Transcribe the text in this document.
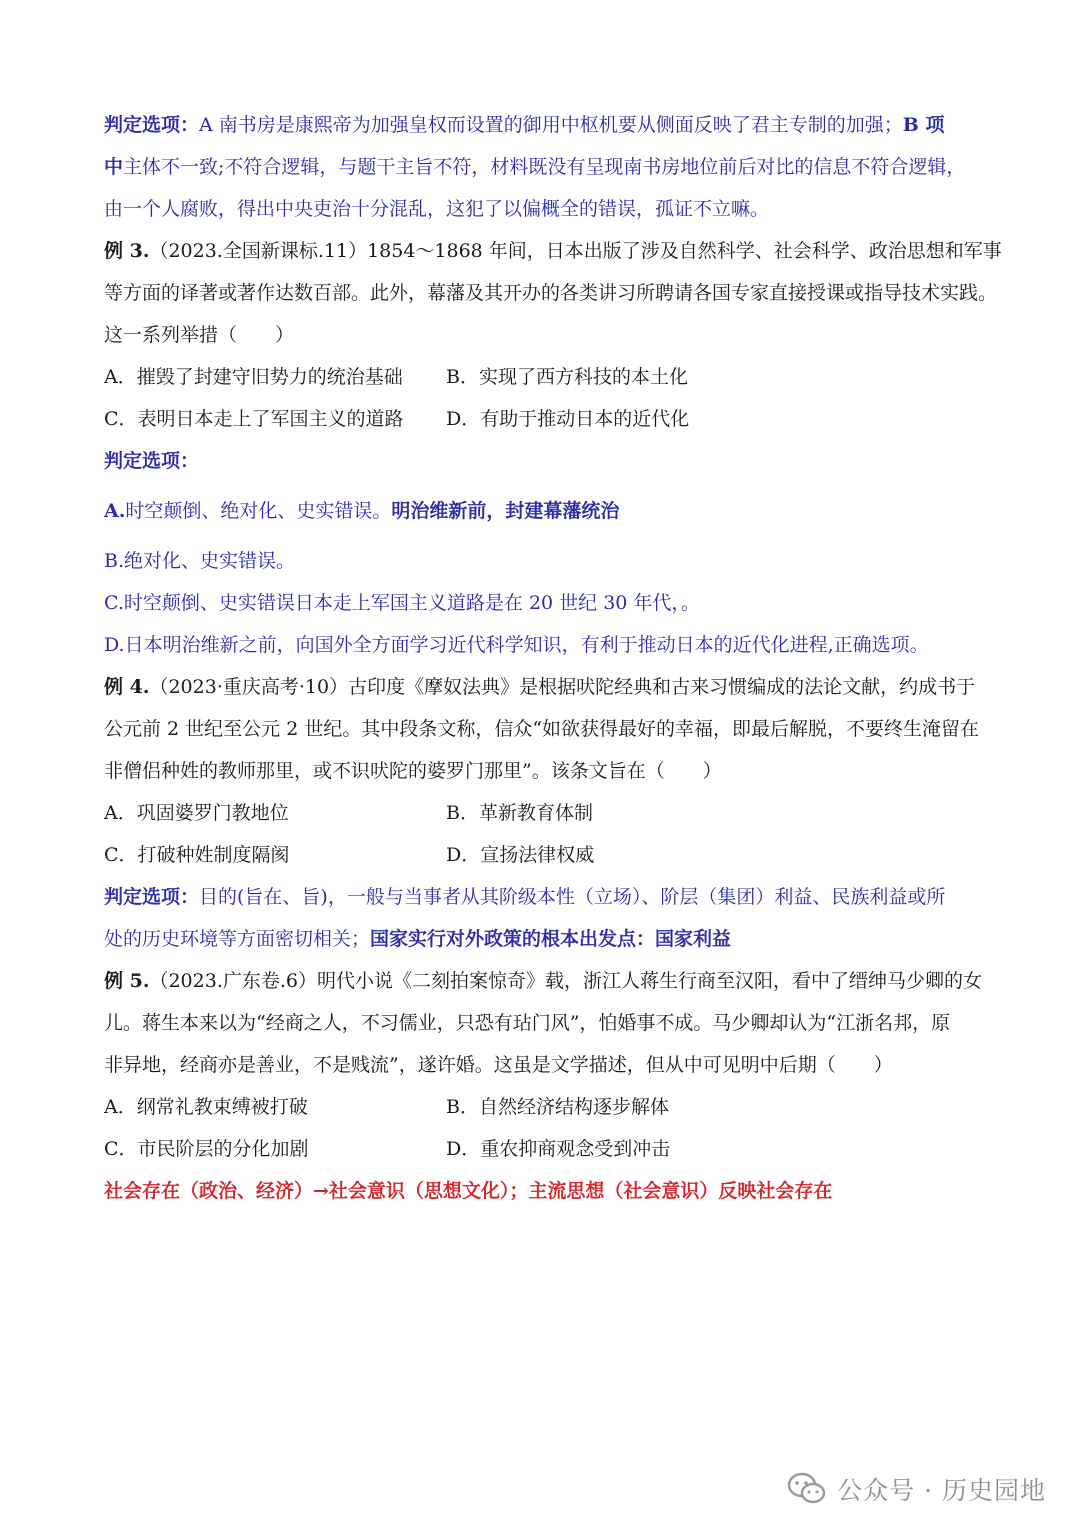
判定选项：A 南书房是康熙帝为加强皇权而设置的御用中枢机要从侧面反映了君主专制的加强；B 项
中主体不一致;不符合逻辑，与题干主旨不符，材料既没有呈现南书房地位前后对比的信息不符合逻辑，
由一个人腐败，得出中央吏治十分混乱，这犯了以偏概全的错误，孤证不立嘛。
例 3.（2023.全国新课标.11）1854～1868 年间，日本出版了涉及自然科学、社会科学、政治思想和军事
等方面的译著或著作达数百部。此外，幕藩及其开办的各类讲习所聘请各国专家直接授课或指导技术实践。
这一系列举措（　　）
A．摧毁了封建守旧势力的统治基础	B．实现了西方科技的本土化
C．表明日本走上了军国主义的道路	D．有助于推动日本的近代化
判定选项：
A.时空颠倒、绝对化、史实错误。明治维新前，封建幕藩统治
B.绝对化、史实错误。
C.时空颠倒、史实错误日本走上军国主义道路是在 20 世纪 30 年代，。
D.日本明治维新之前，向国外全方面学习近代科学知识，有利于推动日本的近代化进程,正确选项。
例 4.（2023·重庆高考·10）古印度《摩奴法典》是根据吠陀经典和古来习惯编成的法论文献，约成书于
公元前 2 世纪至公元 2 世纪。其中段条文称，信众“如欲获得最好的幸福，即最后解脱，不要终生淹留在
非僧侣种姓的教师那里，或不识吠陀的婆罗门那里”。该条文旨在（　　）
A．巩固婆罗门教地位	B．革新教育体制
C．打破种姓制度隔阂	D．宣扬法律权威
判定选项：目的(旨在、旨)，一般与当事者从其阶级本性（立场）、阶层（集团）利益、民族利益或所
处的历史环境等方面密切相关；国家实行对外政策的根本出发点：国家利益
例 5.（2023.广东卷.6）明代小说《二刻拍案惊奇》载，浙江人蒋生行商至汉阳，看中了缙绅马少卿的女
儿。蒋生本来以为“经商之人，不习儒业，只恐有玷门风”，怕婚事不成。马少卿却认为“江浙名邦，原
非异地，经商亦是善业，不是贱流”，遂许婚。这虽是文学描述，但从中可见明中后期（　　）
A．纲常礼教束缚被打破	B．自然经济结构逐步解体
C．市民阶层的分化加剧	D．重农抑商观念受到冲击
社会存在（政治、经济）→社会意识（思想文化）；主流思想（社会意识）反映社会存在
公众号 · 历史园地
